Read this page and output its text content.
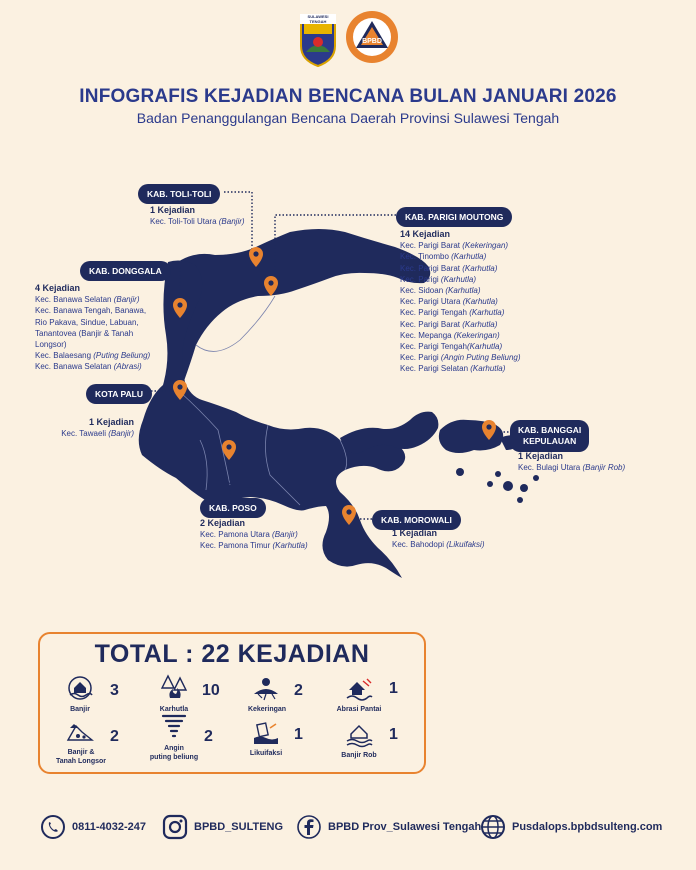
SULAWESI TENGAH
BPBD
INFOGRAFIS KEJADIAN BENCANA BULAN JANUARI 2026
Badan Penanggulangan Bencana Daerah Provinsi Sulawesi Tengah
KAB. TOLI-TOLI
1 Kejadian
Kec. Toli-Toli Utara (Banjir)	KAB. PARIGI MOUTONG
14 Kejadian
Kec. Parigi Barat (Kekeringan)
Kec. Tinombo (Karhutla)
Kec. Parigi Barat (Karhutla)
Kec. Parigi (Karhutla)
Kec. Sidoan (Karhutla)
Kec. Parigi Utara (Karhutla)
Kec. Parigi Tengah (Karhutla)
Kec. Parigi Barat (Karhutla)
Kec. Mepanga (Kekeringan)
Kec. Parigi Tengah(Karhutla)
Kec. Parigi (Angin Puting Beliung)
Kec. Parigi Selatan (Karhutla)
KAB. DONGGALA
4 Kejadian
Kec. Banawa Selatan (Banjir)
Kec. Banawa Tengah, Banawa,
Rio Pakava, Sindue, Labuan,
Tanantovea (Banjir & Tanah
Longsor)
Kec. Balaesang (Puting Beliung)
Kec. Banawa Selatan (Abrasi)
KOTA PALU
1 Kejadian
Kec. Tawaeli (Banjir)	KAB. BANGGAI
KEPULAUAN
1 Kejadian
Kec. Bulagi Utara (Banjir Rob)
KAB. POSO
2 Kejadian
Kec. Pamona Utara (Banjir)
Kec. Pamona Timur (Karhutla)
KAB. MOROWALI
1 Kejadian
Kec. Bahodopi (Likuifaksi)
TOTAL : 22 KEJADIAN
Banjir
3
Karhutla
10
Kekeringan
2
Abrasi Pantai
1
Banjir &
Tanah Longsor
2
Angin
puting beliung
2
Likuifaksi
1
Banjir Rob
1
0811-4032-247	BPBD_SULTENG	BPBD Prov_Sulawesi Tengah	Pusdalops.bpbdsulteng.com
